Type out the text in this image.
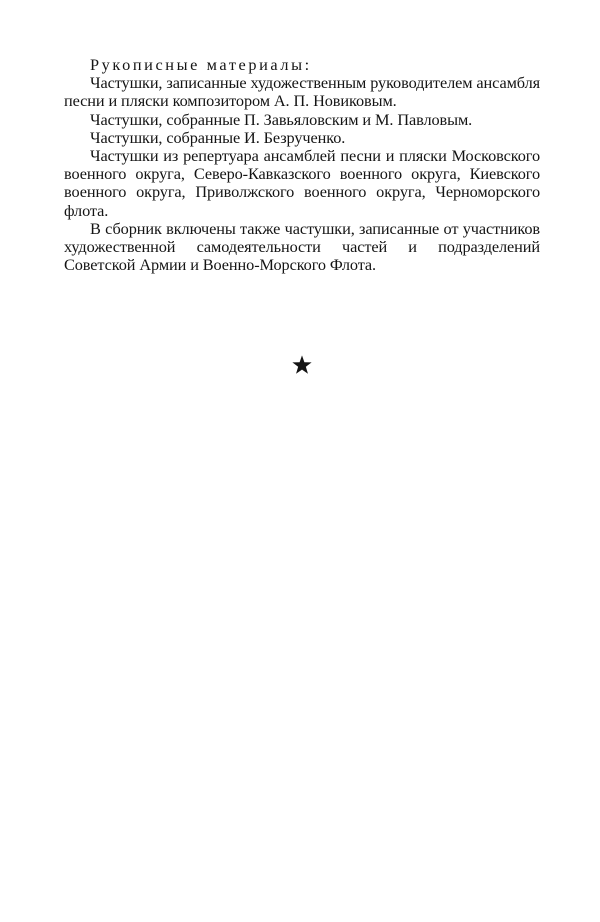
Рукописные материалы:

Частушки, записанные художественным руководителем ансамбля песни и пляски композитором А. П. Новиковым.

Частушки, собранные П. Завьяловским и М. Павловым.

Частушки, собранные И. Безрученко.

Частушки из репертуара ансамблей песни и пляски Московского военного округа, Северо-Кавказского военного округа, Киевского военного округа, Приволжского военного округа, Черноморского флота.

В сборник включены также частушки, записанные от участников художественной самодеятельности частей и подразделений Советской Армии и Военно-Морского Флота.
